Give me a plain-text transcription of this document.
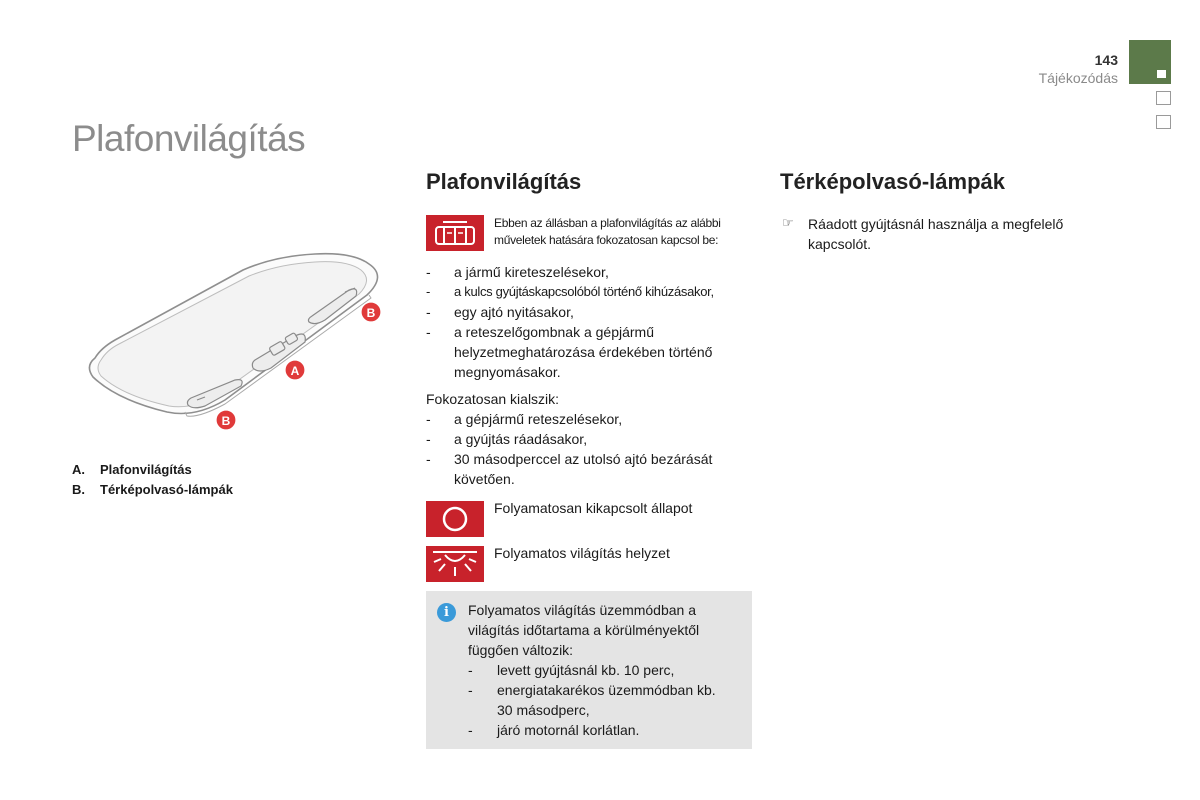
143
Tájékozódás
Plafonvilágítás
B
A
B
A.	Plafonvilágítás
B.	Térképolvasó-lámpák
Plafonvilágítás
Ebben az állásban a plafonvilágítás az alábbi
műveletek hatására fokozatosan kapcsol be:
- a jármű kireteszelésekor,
- a kulcs gyújtáskapcsolóból történő kihúzásakor,
- egy ajtó nyitásakor,
- a reteszelőgombnak a gépjármű helyzetmeghatározása érdekében történő megnyomásakor.
Fokozatosan kialszik:
- a gépjármű reteszelésekor,
- a gyújtás ráadásakor,
- 30 másodperccel az utolsó ajtó bezárását követően.
Folyamatosan kikapcsolt állapot
Folyamatos világítás helyzet
i	Folyamatos világítás üzemmódban a világítás időtartama a körülményektől függően változik:
- levett gyújtásnál kb. 10 perc,
- energiatakarékos üzemmódban kb. 30 másodperc,
- járó motornál korlátlan.
Térképolvasó-lámpák
☞ Ráadott gyújtásnál használja a megfelelő kapcsolót.
